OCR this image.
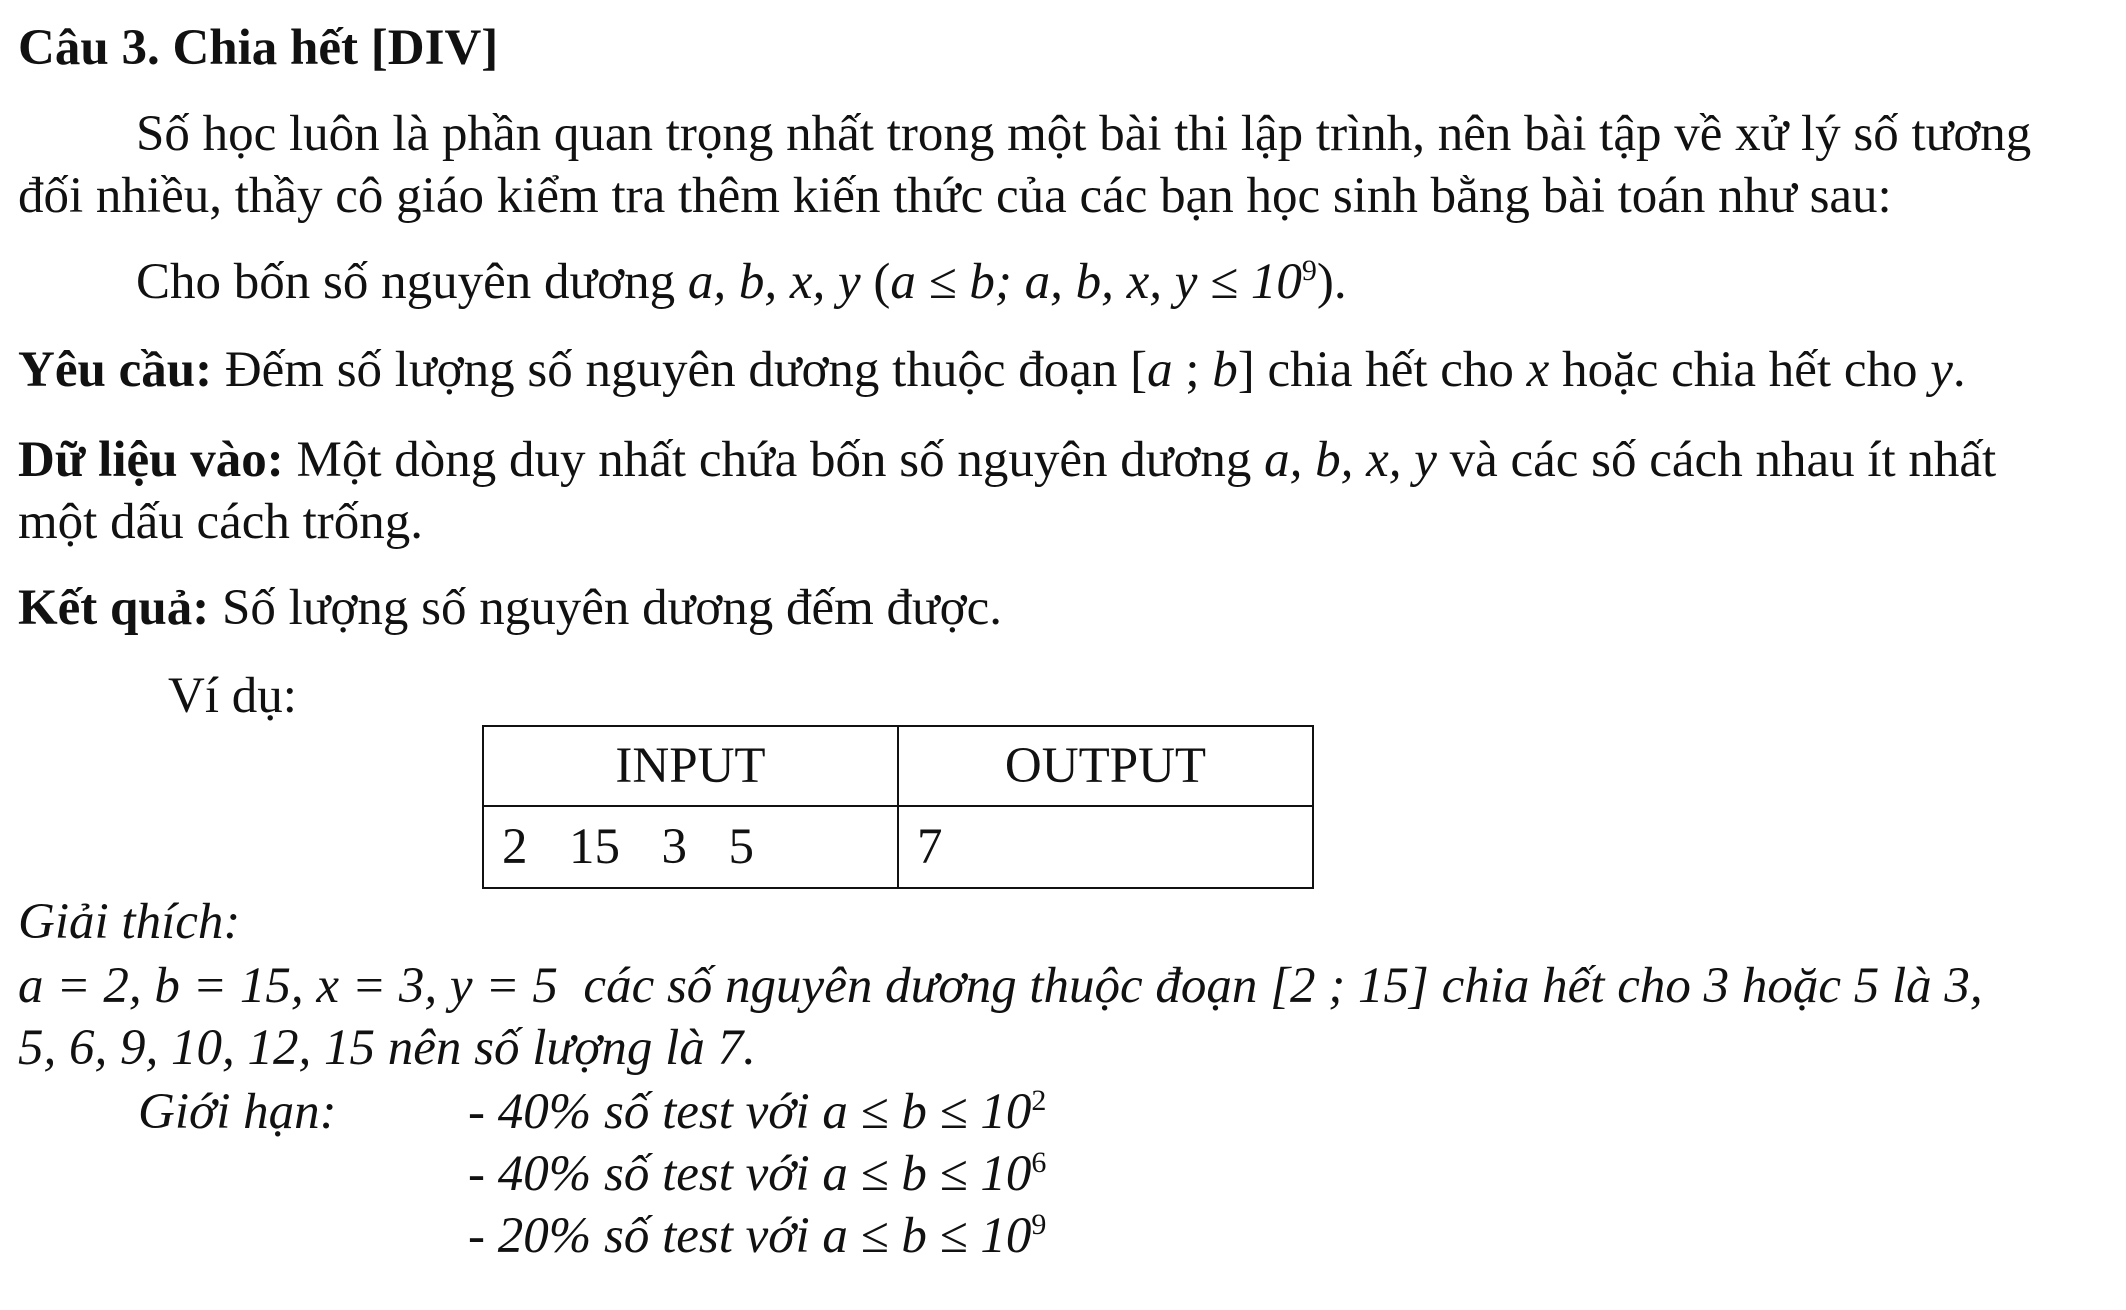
Câu 3. Chia hết [DIV]
Số học luôn là phần quan trọng nhất trong một bài thi lập trình, nên bài tập về xử lý số tương
đối nhiều, thầy cô giáo kiểm tra thêm kiến thức của các bạn học sinh bằng bài toán như sau:
Cho bốn số nguyên dương a, b, x, y (a ≤ b; a, b, x, $y \le 10^9$).
Yêu cầu: Đếm số lượng số nguyên dương thuộc đoạn [a ; b] chia hết cho x hoặc chia hết cho y.
Dữ liệu vào: Một dòng duy nhất chứa bốn số nguyên dương a, b, x, y và các số cách nhau ít nhất
một dấu cách trống.
Kết quả: Số lượng số nguyên dương đếm được.
Ví dụ:
INPUT	OUTPUT
2  15  3  5	7
Giải thích:
a = 2, b = 15, x = 3, y = 5  các số nguyên dương thuộc đoạn [2 ; 15] chia hết cho 3 hoặc 5 là 3,
5, 6, 9, 10, 12, 15 nên số lượng là 7.
Giới hạn:	- 40% số test với $a \le b \le 10^2$
- 40% số test với $a \le b \le 10^6$
- 20% số test với $a \le b \le 10^9$
